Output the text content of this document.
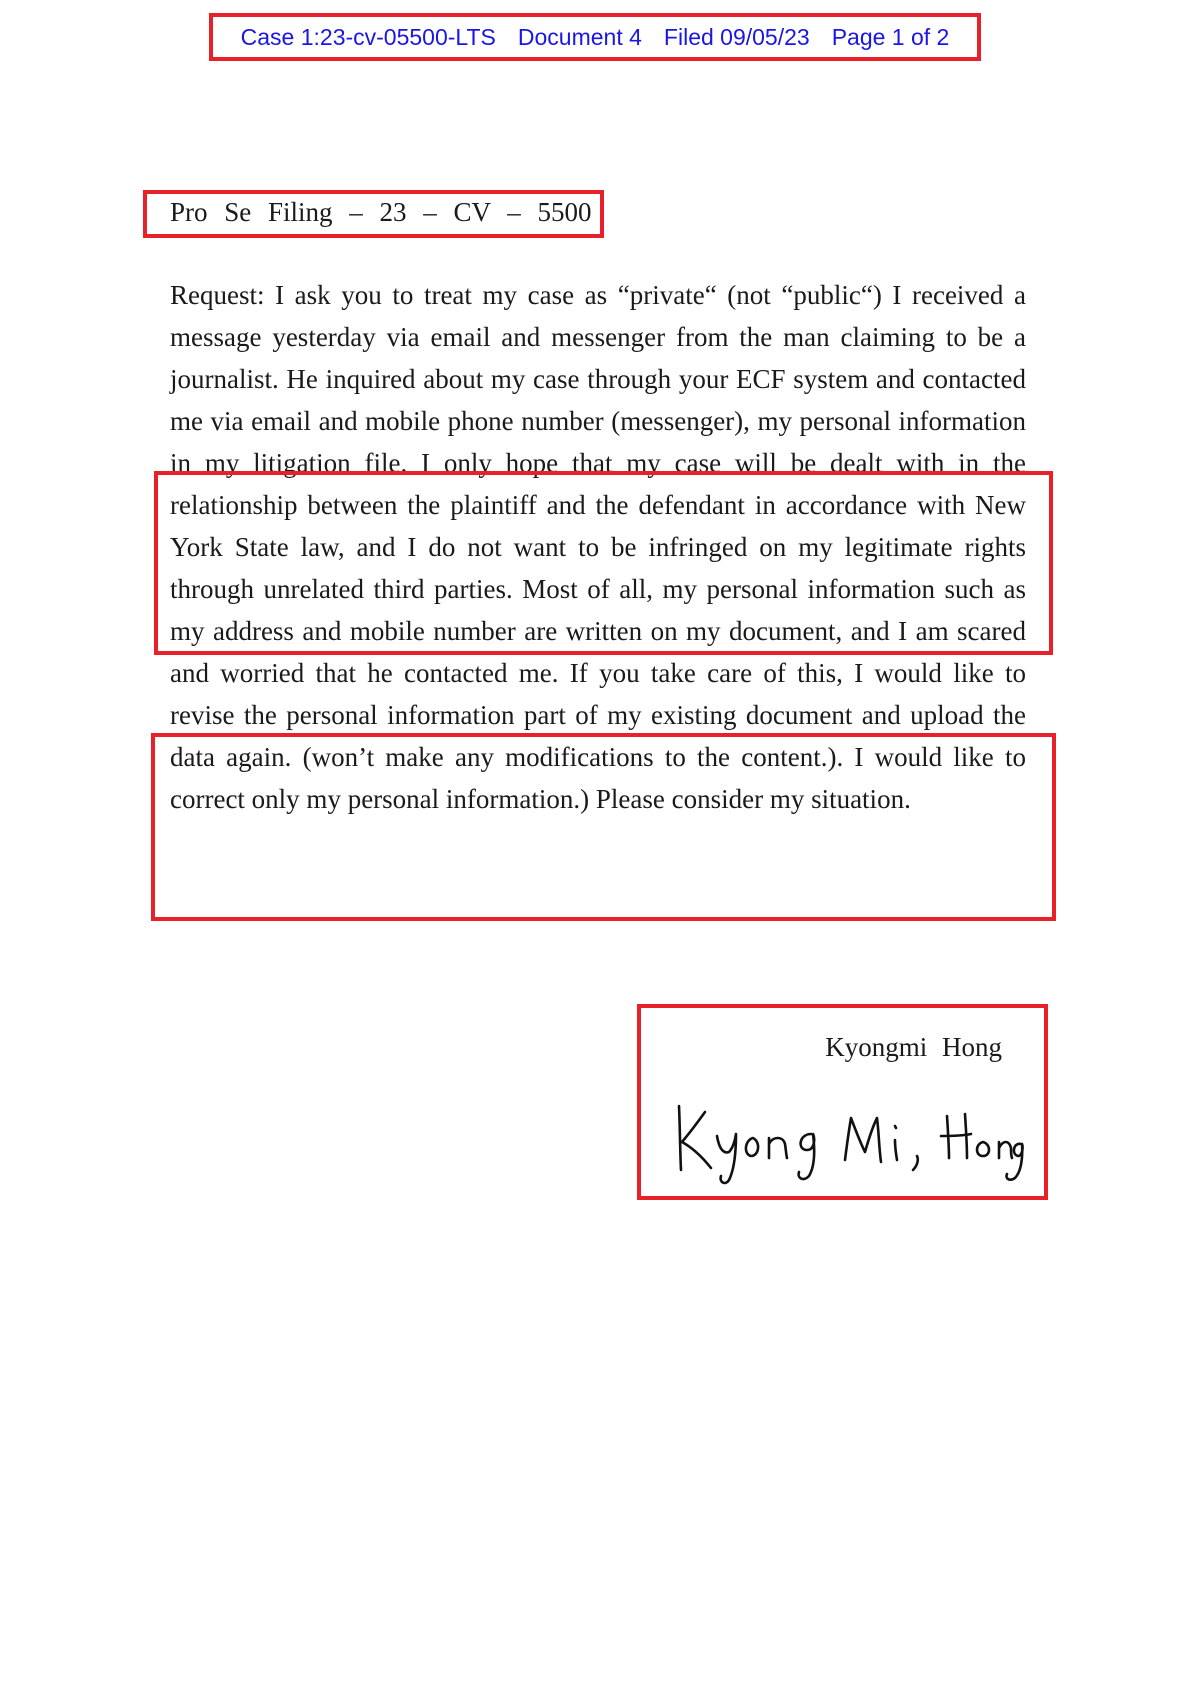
Case 1:23-cv-05500-LTS Document 4 Filed 09/05/23 Page 1 of 2
Pro Se Filing – 23 – CV – 5500

Request: I ask you to treat my case as “private“ (not “public“) I received a message yesterday via email and messenger from the man claiming to be a journalist. He inquired about my case through your ECF system and contacted me via email and mobile phone number (messenger), my personal information in my litigation file. I only hope that my case will be dealt with in the relationship between the plaintiff and the defendant in accordance with New York State law, and I do not want to be infringed on my legitimate rights through unrelated third parties. Most of all, my personal information such as my address and mobile number are written on my document, and I am scared and worried that he contacted me. If you take care of this, I would like to revise the personal information part of my existing document and upload the data again. (won’t make any modifications to the content.). I would like to correct only my personal information.) Please consider my situation.

Kyongmi Hong
